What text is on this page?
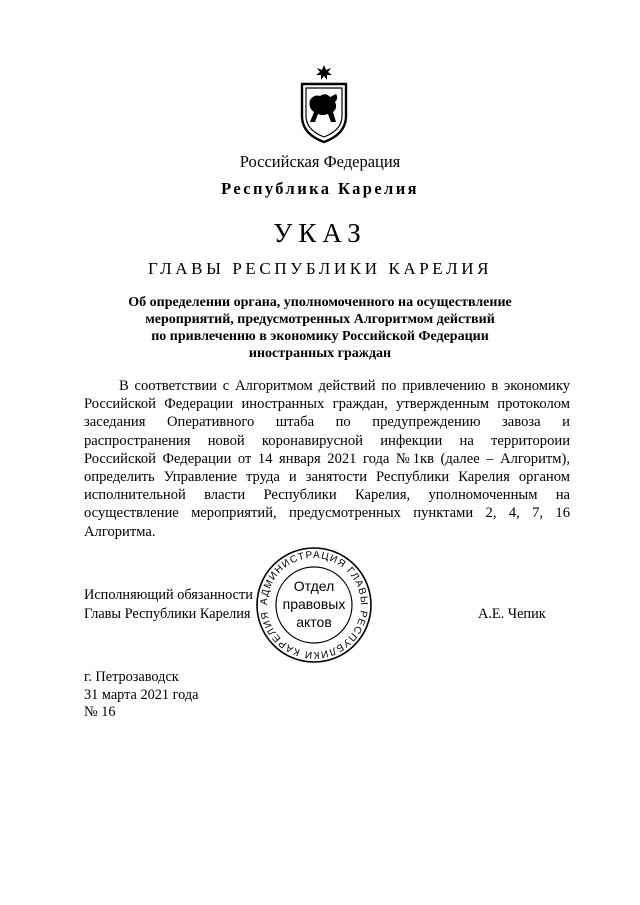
Российская Федерация
Республика Карелия
УКАЗ
ГЛАВЫ РЕСПУБЛИКИ КАРЕЛИЯ
Об определении органа, уполномоченного на осуществление
мероприятий, предусмотренных Алгоритмом действий
по привлечению в экономику Российской Федерации
иностранных граждан
В соответствии с Алгоритмом действий по привлечению в экономику Российской Федерации иностранных граждан, утвержденным протоколом заседания Оперативного штаба по предупреждению завоза и распространения новой коронавирусной инфекции на территороии Российской Федерации от 14 января 2021 года №1кв (далее – Алгоритм), определить Управление труда и занятости Республики Карелия органом исполнительной власти Республики Карелия, уполномоченным на осуществление мероприятий, предусмотренных пунктами 2, 4, 7, 16 Алгоритма.
Исполняющий обязанности
Главы Республики Карелия	А.Е. Чепик
АДМИНИСТРАЦИЯ ГЛАВЫ РЕСПУБЛИКИ КАРЕЛИЯ
Отдел
правовых
актов
г. Петрозаводск
31 марта 2021 года
№ 16
